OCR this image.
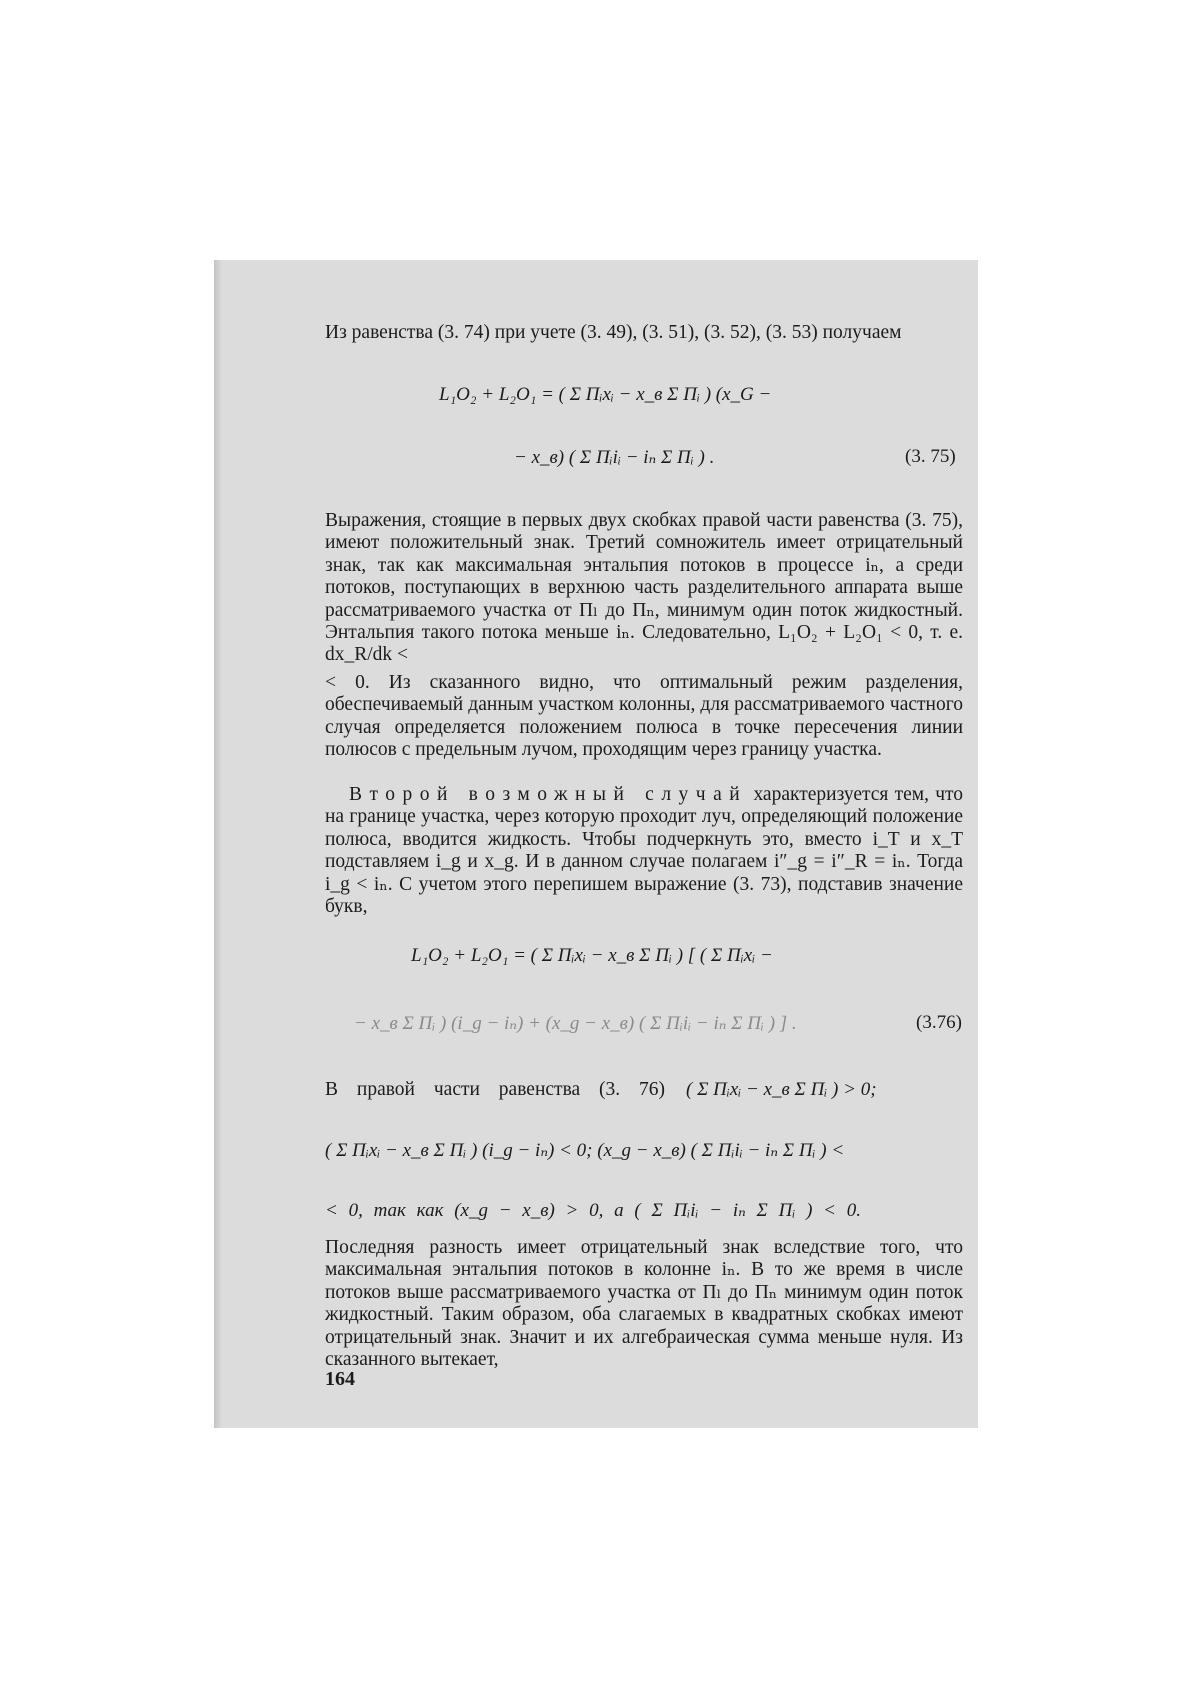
Из равенства (3. 74) при учете (3. 49), (3. 51), (3. 52), (3. 53) получаем

L₁O₂ + L₂O₁ = ( Σ Πᵢxᵢ − x_в Σ Πᵢ ) (x_G −
− x_в) ( Σ Πᵢiᵢ − iₙ Σ Πᵢ ) .	(3. 75)

Выражения, стоящие в первых двух скобках правой части равенства (3. 75), имеют положительный знак. Третий сомножитель имеет отрицательный знак, так как максимальная энтальпия потоков в процессе iₙ, а среди потоков, поступающих в верхнюю часть разделительного аппарата выше рассматриваемого участка от Πₗ до Πₙ, минимум один поток жидкостный. Энтальпия такого потока меньше iₙ. Следовательно, L₁O₂ + L₂O₁ < 0, т. е. dx_R/dk <

< 0. Из сказанного видно, что оптимальный режим разделения, обеспечиваемый данным участком колонны, для рассматриваемого частного случая определяется положением полюса в точке пересечения линии полюсов с предельным лучом, проходящим через границу участка.

Второй возможный случай характеризуется тем, что на границе участка, через которую проходит луч, определяющий положение полюса, вводится жидкость. Чтобы подчеркнуть это, вместо i_T и x_T подставляем i_g и x_g. И в данном случае полагаем i″_g = i″_R = iₙ. Тогда i_g < iₙ. С учетом этого перепишем выражение (3. 73), подставив значение букв,

L₁O₂ + L₂O₁ = ( Σ Πᵢxᵢ − x_в Σ Πᵢ ) [ ( Σ Πᵢxᵢ −
− x_в Σ Πᵢ ) (i_g − iₙ) + (x_g − x_в) ( Σ Πᵢiᵢ − iₙ Σ Πᵢ ) ] .	(3.76)
В правой части равенства (3. 76) ( Σ Πᵢxᵢ − x_в Σ Πᵢ ) > 0;
( Σ Πᵢxᵢ − x_в Σ Πᵢ ) (i_g − iₙ) < 0; (x_g − x_в) ( Σ Πᵢiᵢ − iₙ Σ Πᵢ ) <
< 0, так как (x_g − x_в) > 0, а ( Σ Πᵢiᵢ − iₙ Σ Πᵢ ) < 0.

Последняя разность имеет отрицательный знак вследствие того, что максимальная энтальпия потоков в колонне iₙ. В то же время в числе потоков выше рассматриваемого участка от Πₗ до Πₙ минимум один поток жидкостный. Таким образом, оба слагаемых в квадратных скобках имеют отрицательный знак. Значит и их алгебраическая сумма меньше нуля. Из сказанного вытекает,

164
